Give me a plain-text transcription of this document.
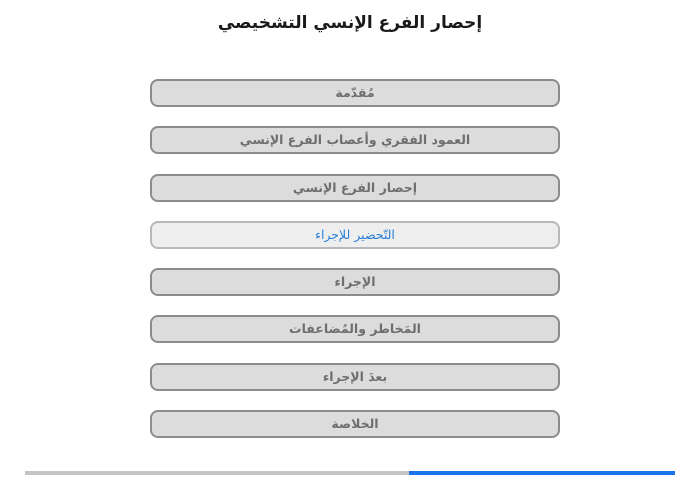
إحصار الفرع الإنسي التشخيصي
مُقدّمة
العمود الفقري وأعصاب الفرع الإنسي
إحصار الفرع الإنسي
التّحضير للإجراء
الإجراء
المَخاطر والمُضاعفات
بعدَ الإجراء
الخلاصة
